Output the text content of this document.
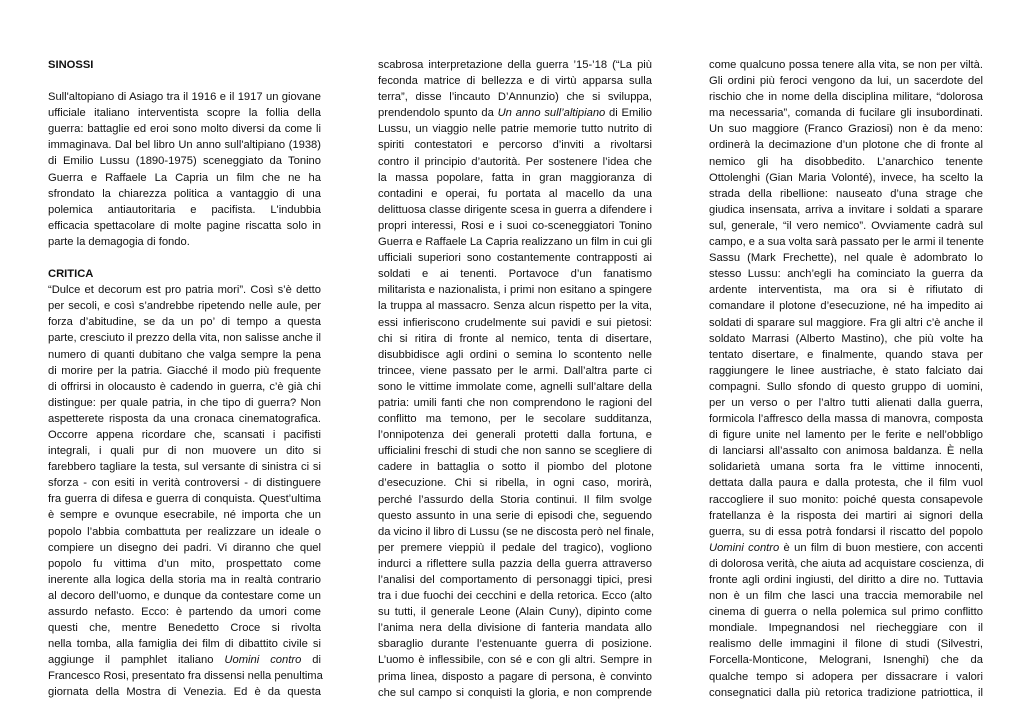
SINOSSI
Sull'altopiano di Asiago tra il 1916 e il 1917 un giovane
ufficiale italiano interventista scopre la follia della
guerra: battaglie ed eroi sono molto diversi da come li
immaginava. Dal bel libro Un anno sull'altipiano (1938)
di Emilio Lussu (1890-1975) sceneggiato da Tonino
Guerra e Raffaele La Capria un film che ne ha
sfrondato la chiarezza politica a vantaggio di una
polemica antiautoritaria e pacifista. L'indubbia
efficacia spettacolare di molte pagine riscatta solo in
parte la demagogia di fondo.
CRITICA
“Dulce et decorum est pro patria mori”. Così s’è detto
per secoli, e così s’andrebbe ripetendo nelle aule, per
forza d’abitudine, se da un po’ di tempo a questa
parte, cresciuto il prezzo della vita, non salisse anche il
numero di quanti dubitano che valga sempre la pena
di morire per la patria. Giacché il modo più frequente
di offrirsi in olocausto è cadendo in guerra, c’è già chi
distingue: per quale patria, in che tipo di guerra? Non
aspetterete risposta da una cronaca cinematografica.
Occorre appena ricordare che, scansati i pacifisti
integrali, i quali pur di non muovere un dito si
farebbero tagliare la testa, sul versante di sinistra ci si
sforza - con esiti in verità controversi - di distinguere
fra guerra di difesa e guerra di conquista. Quest’ultima
è sempre e ovunque esecrabile, né importa che un
popolo l’abbia combattuta per realizzare un ideale o
compiere un disegno dei padri. Vi diranno che quel
popolo fu vittima d’un mito, prospettato come
inerente alla logica della storia ma in realtà contrario
al decoro dell’uomo, e dunque da contestare come un
assurdo nefasto. Ecco: è partendo da umori come
questi che, mentre Benedetto Croce si rivolta
nella tomba, alla famiglia dei film di dibattito civile si
aggiunge il pamphlet italiano Uomini contro di
Francesco Rosi, presentato fra dissensi nella penultima
giornata della Mostra di Venezia. Ed è da questa
scabrosa interpretazione della guerra ’15-’18 (“La più
feconda matrice di bellezza e di virtù apparsa sulla
terra”, disse l’incauto D’Annunzio) che si sviluppa,
prendendolo spunto da Un anno sull’altipiano di Emilio
Lussu, un viaggio nelle patrie memorie tutto nutrito di
spiriti contestatori e percorso d’inviti a rivoltarsi
contro il principio d’autorità. Per sostenere l’idea che
la massa popolare, fatta in gran maggioranza di
contadini e operai, fu portata al macello da una
delittuosa classe dirigente scesa in guerra a difendere i
propri interessi, Rosi e i suoi co-sceneggiatori Tonino
Guerra e Raffaele La Capria realizzano un film in cui gli
ufficiali superiori sono costantemente contrapposti ai
soldati e ai tenenti. Portavoce d’un fanatismo
militarista e nazionalista, i primi non esitano a spingere
la truppa al massacro. Senza alcun rispetto per la vita,
essi infieriscono crudelmente sui pavidi e sui pietosi:
chi si ritira di fronte al nemico, tenta di disertare,
disubbidisce agli ordini o semina lo scontento nelle
trincee, viene passato per le armi. Dall’altra parte ci
sono le vittime immolate come, agnelli sull’altare della
patria: umili fanti che non comprendono le ragioni del
conflitto ma temono, per le secolare sudditanza,
l’onnipotenza dei generali protetti dalla fortuna, e
ufficialini freschi di studi che non sanno se scegliere di
cadere in battaglia o sotto il piombo del plotone
d’esecuzione. Chi si ribella, in ogni caso, morirà,
perché l’assurdo della Storia continui. Il film svolge
questo assunto in una serie di episodi che, seguendo
da vicino il libro di Lussu (se ne discosta però nel finale,
per premere vieppiù il pedale del tragico), vogliono
indurci a riflettere sulla pazzia della guerra attraverso
l’analisi del comportamento di personaggi tipici, presi
tra i due fuochi dei cecchini e della retorica. Ecco (alto
su tutti, il generale Leone (Alain Cuny), dipinto come
l’anima nera della divisione di fanteria mandata allo
sbaraglio durante l’estenuante guerra di posizione.
L’uomo è inflessibile, con sé e con gli altri. Sempre in
prima linea, disposto a pagare di persona, è convinto
che sul campo si conquisti la gloria, e non comprende
come qualcuno possa tenere alla vita, se non per viltà.
Gli ordini più feroci vengono da lui, un sacerdote del
rischio che in nome della disciplina militare, “dolorosa
ma necessaria”, comanda di fucilare gli insubordinati.
Un suo maggiore (Franco Graziosi) non è da meno:
ordinerà la decimazione d’un plotone che di fronte al
nemico gli ha disobbedito. L’anarchico tenente
Ottolenghi (Gian Maria Volonté), invece, ha scelto la
strada della ribellione: nauseato d’una strage che
giudica insensata, arriva a invitare i soldati a sparare
sul, generale, “il vero nemico”. Ovviamente cadrà sul
campo, e a sua volta sarà passato per le armi il tenente
Sassu (Mark Frechette), nel quale è adombrato lo
stesso Lussu: anch’egli ha cominciato la guerra da
ardente interventista, ma ora si è rifiutato di
comandare il plotone d’esecuzione, né ha impedito ai
soldati di sparare sul maggiore. Fra gli altri c’è anche il
soldato Marrasi (Alberto Mastino), che più volte ha
tentato disertare, e finalmente, quando stava per
raggiungere le linee austriache, è stato falciato dai
compagni. Sullo sfondo di questo gruppo di uomini,
per un verso o per l’altro tutti alienati dalla guerra,
formicola l’affresco della massa di manovra, composta
di figure unite nel lamento per le ferite e nell’obbligo
di lanciarsi all’assalto con animosa baldanza. È nella
solidarietà umana sorta fra le vittime innocenti,
dettata dalla paura e dalla protesta, che il film vuol
raccogliere il suo monito: poiché questa consapevole
fratellanza è la risposta dei martiri ai signori della
guerra, su di essa potrà fondarsi il riscatto del popolo
Uomini contro è un film di buon mestiere, con accenti
di dolorosa verità, che aiuta ad acquistare coscienza, di
fronte agli ordini ingiusti, del diritto a dire no. Tuttavia
non è un film che lasci una traccia memorabile nel
cinema di guerra o nella polemica sul primo conflitto
mondiale. Impegnandosi nel riecheggiare con il
realismo delle immagini il filone di studi (Silvestri,
Forcella-Monticone, Melograni, Isnenghi) che da
qualche tempo si adopera per dissacrare i valori
consegnatici dalla più retorica tradizione patriottica, il
